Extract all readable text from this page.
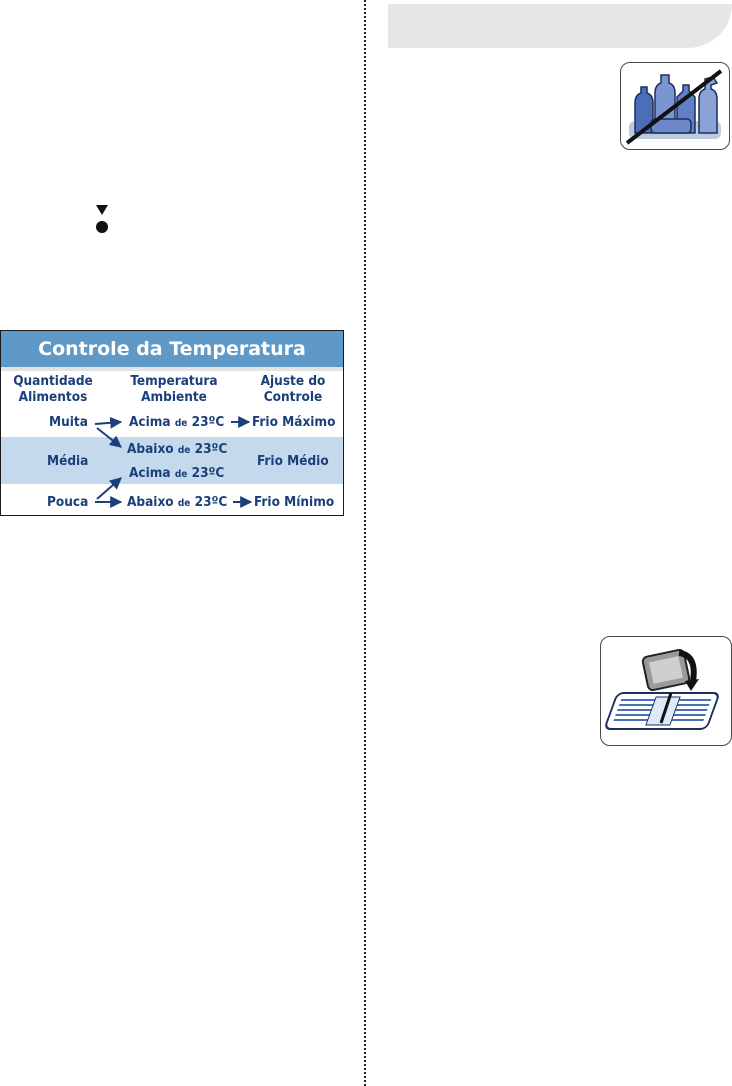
Controle da Temperatura
Quantidade
Alimentos
Temperatura
Ambiente
Ajuste do
Controle
Muita
Média
Pouca
Acima de 23ºC
Abaixo de 23ºC
Acima de 23ºC
Abaixo de 23ºC
Frio Máximo
Frio Médio
Frio Mínimo
